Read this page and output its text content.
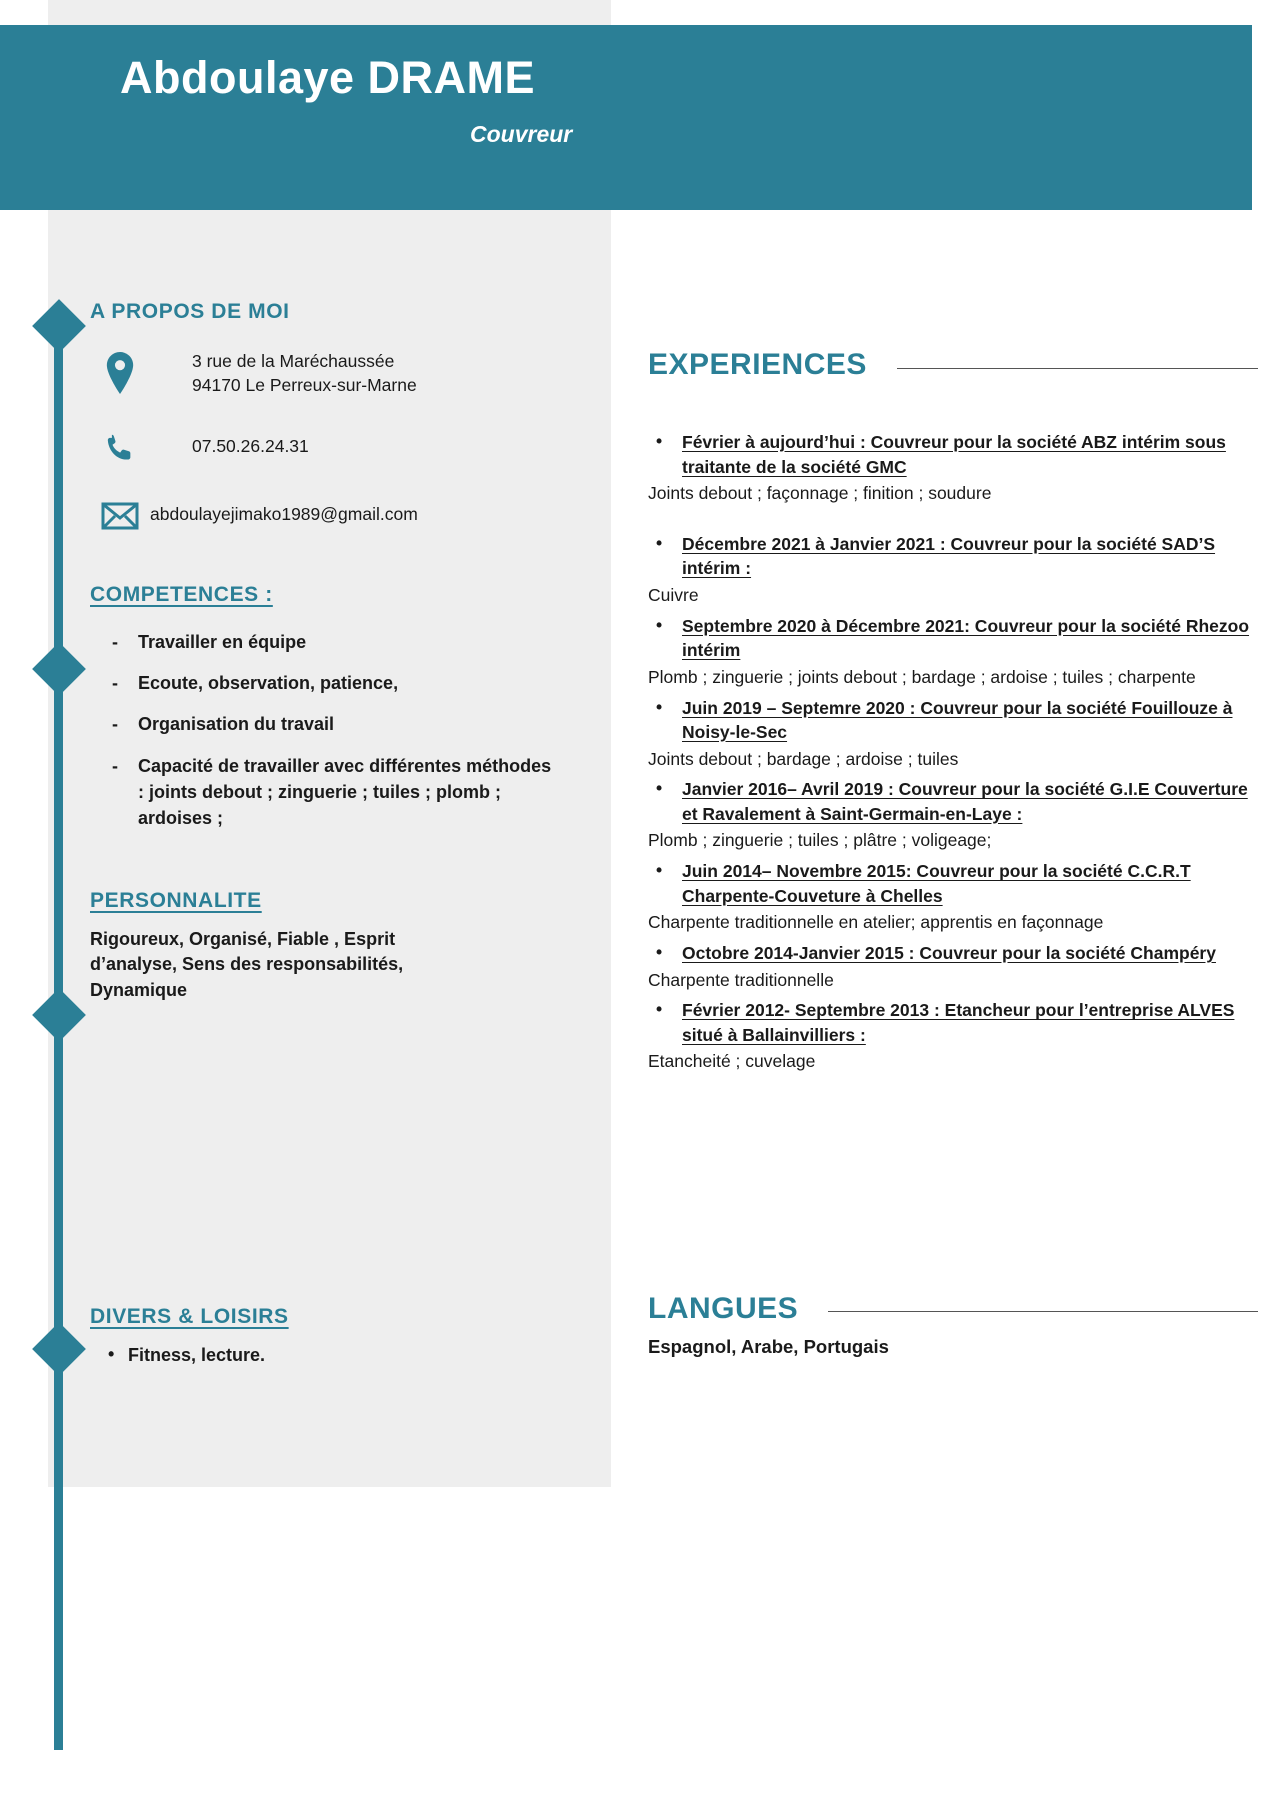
Abdoulaye DRAME
Couvreur
A PROPOS DE MOI
3 rue de la Maréchaussée
94170 Le Perreux-sur-Marne
07.50.26.24.31
abdoulayejimako1989@gmail.com
COMPETENCES :
- Travailler en équipe
- Ecoute, observation, patience,
- Organisation du travail
- Capacité de travailler avec différentes méthodes : joints debout ; zinguerie ; tuiles ; plomb ; ardoises ;
PERSONNALITE
Rigoureux, Organisé, Fiable , Esprit d’analyse, Sens des responsabilités, Dynamique
DIVERS & LOISIRS
• Fitness, lecture.
EXPERIENCES
• Février à aujourd’hui : Couvreur pour la société ABZ intérim sous traitante de la société GMC
Joints debout ; façonnage ; finition ; soudure
• Décembre 2021 à Janvier 2021 : Couvreur pour la société SAD’S intérim :
Cuivre
• Septembre 2020 à Décembre 2021: Couvreur pour la société Rhezoo intérim
Plomb ; zinguerie ; joints debout ; bardage ; ardoise ; tuiles ; charpente
• Juin 2019 – Septemre 2020 : Couvreur pour la société Fouillouze à Noisy-le-Sec
Joints debout ; bardage ; ardoise ; tuiles
• Janvier 2016– Avril 2019 : Couvreur pour la société G.I.E Couverture et Ravalement à Saint-Germain-en-Laye :
Plomb ; zinguerie ; tuiles ; plâtre ; voligeage;
• Juin 2014– Novembre 2015: Couvreur pour la société C.C.R.T Charpente-Couveture à Chelles
Charpente traditionnelle en atelier; apprentis en façonnage
• Octobre 2014-Janvier 2015 : Couvreur pour la société Champéry
Charpente traditionnelle
• Février 2012- Septembre 2013 : Etancheur pour l’entreprise ALVES situé à Ballainvilliers :
Etancheité ; cuvelage
LANGUES
Espagnol, Arabe, Portugais
